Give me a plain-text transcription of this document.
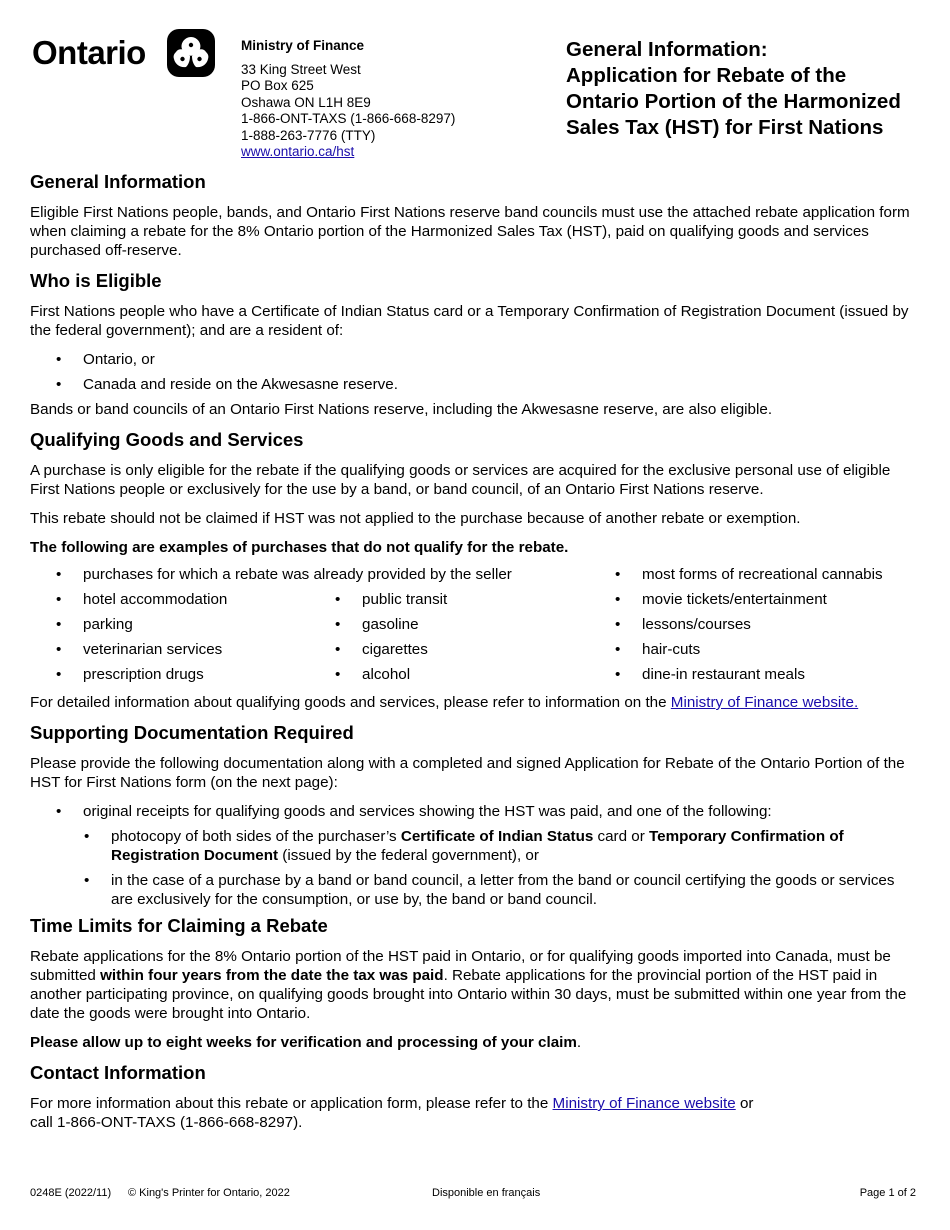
Ontario	Ministry of Finance
33 King Street West
PO Box 625
Oshawa ON L1H 8E9
1-866-ONT-TAXS (1-866-668-8297)
1-888-263-7776 (TTY)
www.ontario.ca/hst
General Information:
Application for Rebate of the
Ontario Portion of the Harmonized
Sales Tax (HST) for First Nations
General Information

Eligible First Nations people, bands, and Ontario First Nations reserve band councils must use the attached rebate application form when claiming a rebate for the 8% Ontario portion of the Harmonized Sales Tax (HST), paid on qualifying goods and services purchased off-reserve.

Who is Eligible

First Nations people who have a Certificate of Indian Status card or a Temporary Confirmation of Registration Document (issued by the federal government); and are a resident of:

• Ontario, or
• Canada and reside on the Akwesasne reserve.

Bands or band councils of an Ontario First Nations reserve, including the Akwesasne reserve, are also eligible.

Qualifying Goods and Services

A purchase is only eligible for the rebate if the qualifying goods or services are acquired for the exclusive personal use of eligible First Nations people or exclusively for the use by a band, or band council, of an Ontario First Nations reserve.

This rebate should not be claimed if HST was not applied to the purchase because of another rebate or exemption.

The following are examples of purchases that do not qualify for the rebate.

• purchases for which a rebate was already provided by the seller
• hotel accommodation
• parking
• veterinarian services
• prescription drugs
• public transit
• gasoline
• cigarettes
• alcohol
• most forms of recreational cannabis
• movie tickets/entertainment
• lessons/courses
• hair-cuts
• dine-in restaurant meals

For detailed information about qualifying goods and services, please refer to information on the Ministry of Finance website.

Supporting Documentation Required

Please provide the following documentation along with a completed and signed Application for Rebate of the Ontario Portion of the HST for First Nations form (on the next page):

• original receipts for qualifying goods and services showing the HST was paid, and one of the following:
• photocopy of both sides of the purchaser’s Certificate of Indian Status card or Temporary Confirmation of Registration Document (issued by the federal government), or
• in the case of a purchase by a band or band council, a letter from the band or council certifying the goods or services are exclusively for the consumption, or use by, the band or band council.
Time Limits for Claiming a Rebate

Rebate applications for the 8% Ontario portion of the HST paid in Ontario, or for qualifying goods imported into Canada, must be submitted within four years from the date the tax was paid. Rebate applications for the provincial portion of the HST paid in another participating province, on qualifying goods brought into Ontario within 30 days, must be submitted within one year from the date the goods were brought into Ontario.

Please allow up to eight weeks for verification and processing of your claim.

Contact Information

For more information about this rebate or application form, please refer to the Ministry of Finance website or
call 1-866-ONT-TAXS (1-866-668-8297).

0248E (2022/11) © King's Printer for Ontario, 2022	Disponible en français	Page 1 of 2
